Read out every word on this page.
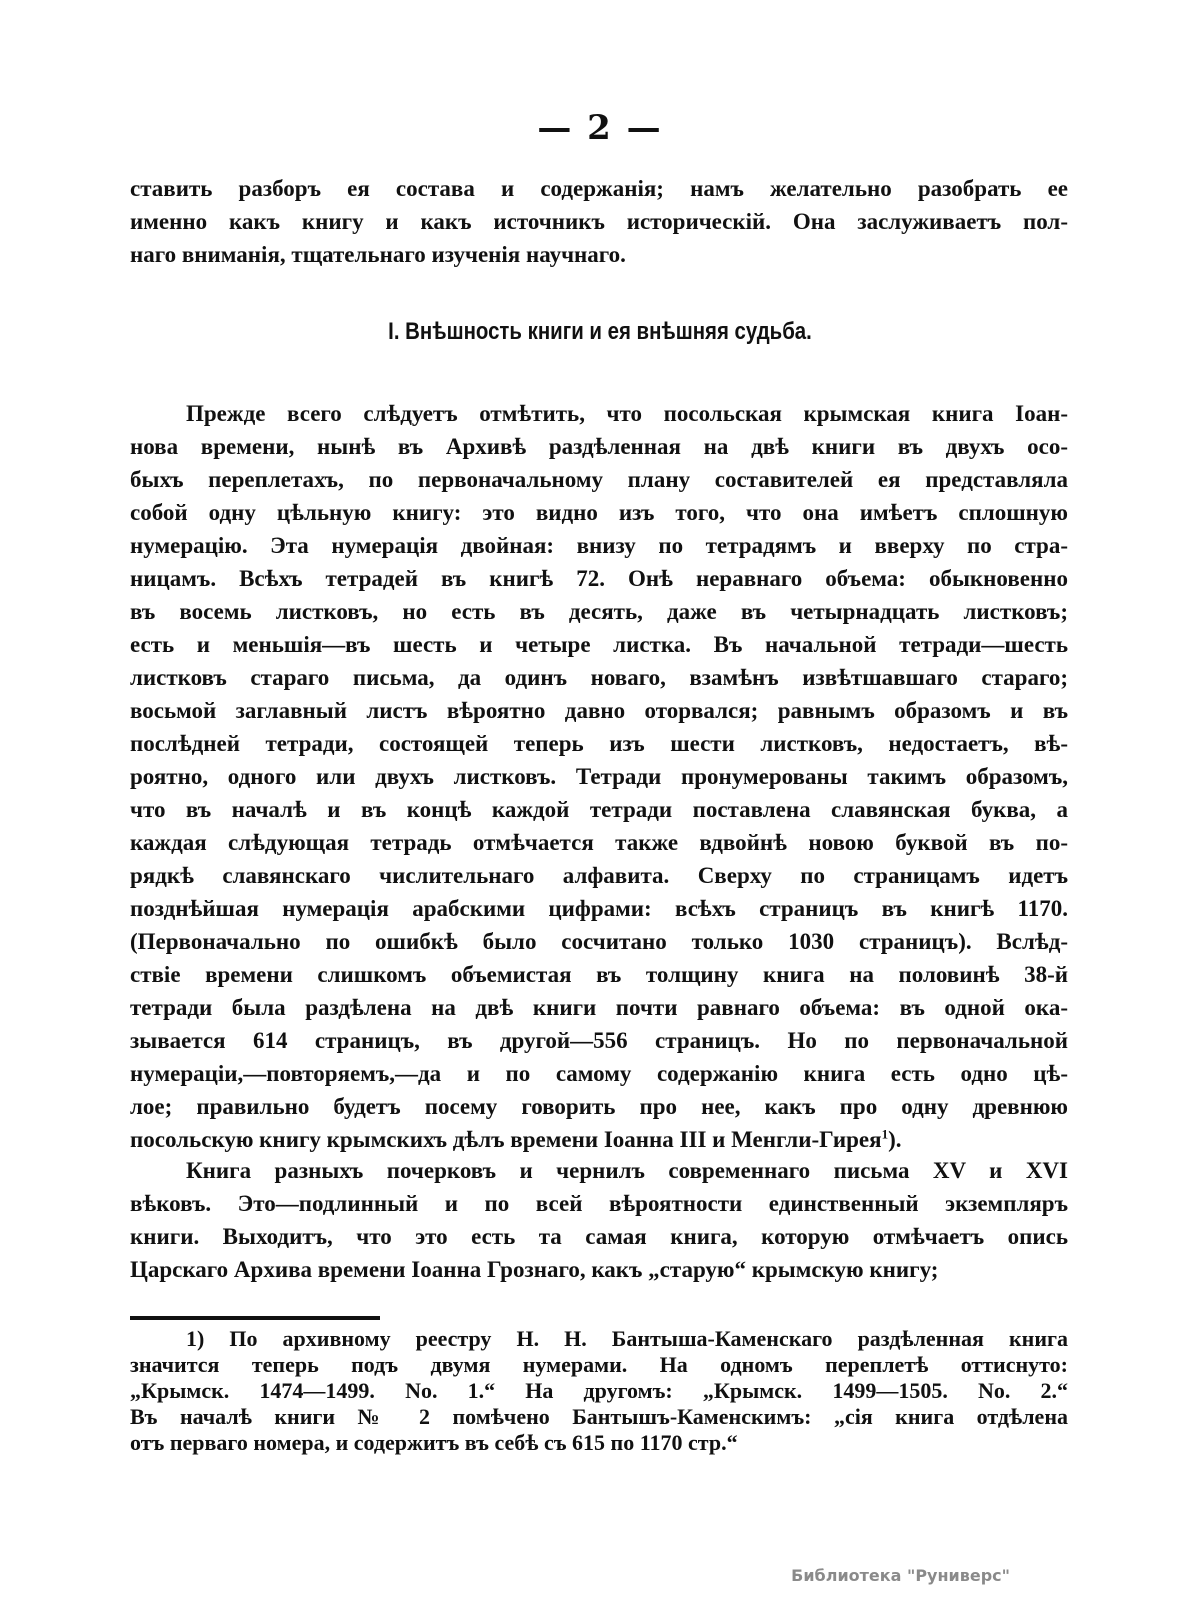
— 2 —
ставить разборъ ея состава и содержанія; намъ желательно разобрать ее
именно какъ книгу и какъ источникъ историческій. Она заслуживаетъ пол-
наго вниманія, тщательнаго изученія научнаго.
I. Внѣшность книги и ея внѣшняя судьба.
Прежде всего слѣдуетъ отмѣтить, что посольская крымская книга Іоан-
нова времени, нынѣ въ Архивѣ раздѣленная на двѣ книги въ двухъ осо-
быхъ переплетахъ, по первоначальному плану составителей ея представляла
собой одну цѣльную книгу: это видно изъ того, что она имѣетъ сплошную
нумерацію. Эта нумерація двойная: внизу по тетрадямъ и вверху по стра-
ницамъ. Всѣхъ тетрадей въ книгѣ 72. Онѣ неравнаго объема: обыкновенно
въ восемь листковъ, но есть въ десять, даже въ четырнадцать листковъ;
есть и меньшія—въ шесть и четыре листка. Въ начальной тетради—шесть
листковъ стараго письма, да одинъ новаго, взамѣнъ извѣтшавшаго стараго;
восьмой заглавный листъ вѣроятно давно оторвался; равнымъ образомъ и въ
послѣдней тетради, состоящей теперь изъ шести листковъ, недостаетъ, вѣ-
роятно, одного или двухъ листковъ. Тетради пронумерованы такимъ образомъ,
что въ началѣ и въ концѣ каждой тетради поставлена славянская буква, а
каждая слѣдующая тетрадь отмѣчается также вдвойнѣ новою буквой въ по-
рядкѣ славянскаго числительнаго алфавита. Сверху по страницамъ идетъ
позднѣйшая нумерація арабскими цифрами: всѣхъ страницъ въ книгѣ 1170.
(Первоначально по ошибкѣ было сосчитано только 1030 страницъ). Вслѣд-
ствіе времени слишкомъ объемистая въ толщину книга на половинѣ 38-й
тетради была раздѣлена на двѣ книги почти равнаго объема: въ одной ока-
зывается 614 страницъ, въ другой—556 страницъ. Но по первоначальной
нумераціи,—повторяемъ,—да и по самому содержанію книга есть одно цѣ-
лое; правильно будетъ посему говорить про нее, какъ про одну древнюю
посольскую книгу крымскихъ дѣлъ времени Іоанна III и Менгли-Гирея$^1$).
Книга разныхъ почерковъ и чернилъ современнаго письма XV и XVI
вѣковъ. Это—подлинный и по всей вѣроятности единственный экземпляръ
книги. Выходитъ, что это есть та самая книга, которую отмѣчаетъ опись
Царскаго Архива времени Іоанна Грознаго, какъ „старую“ крымскую книгу;
1) По архивному реестру Н. Н. Бантыша-Каменскаго раздѣленная книга
значится теперь подъ двумя нумерами. На одномъ переплетѣ оттиснуто:
„Крымск. 1474—1499. No. 1.“ На другомъ: „Крымск. 1499—1505. No. 2.“
Въ началѣ книги № 2 помѣчено Бантышъ-Каменскимъ: „сія книга отдѣлена
отъ перваго номера, и содержитъ въ себѣ съ 615 по 1170 стр.“
Библиотека "Руниверс"
